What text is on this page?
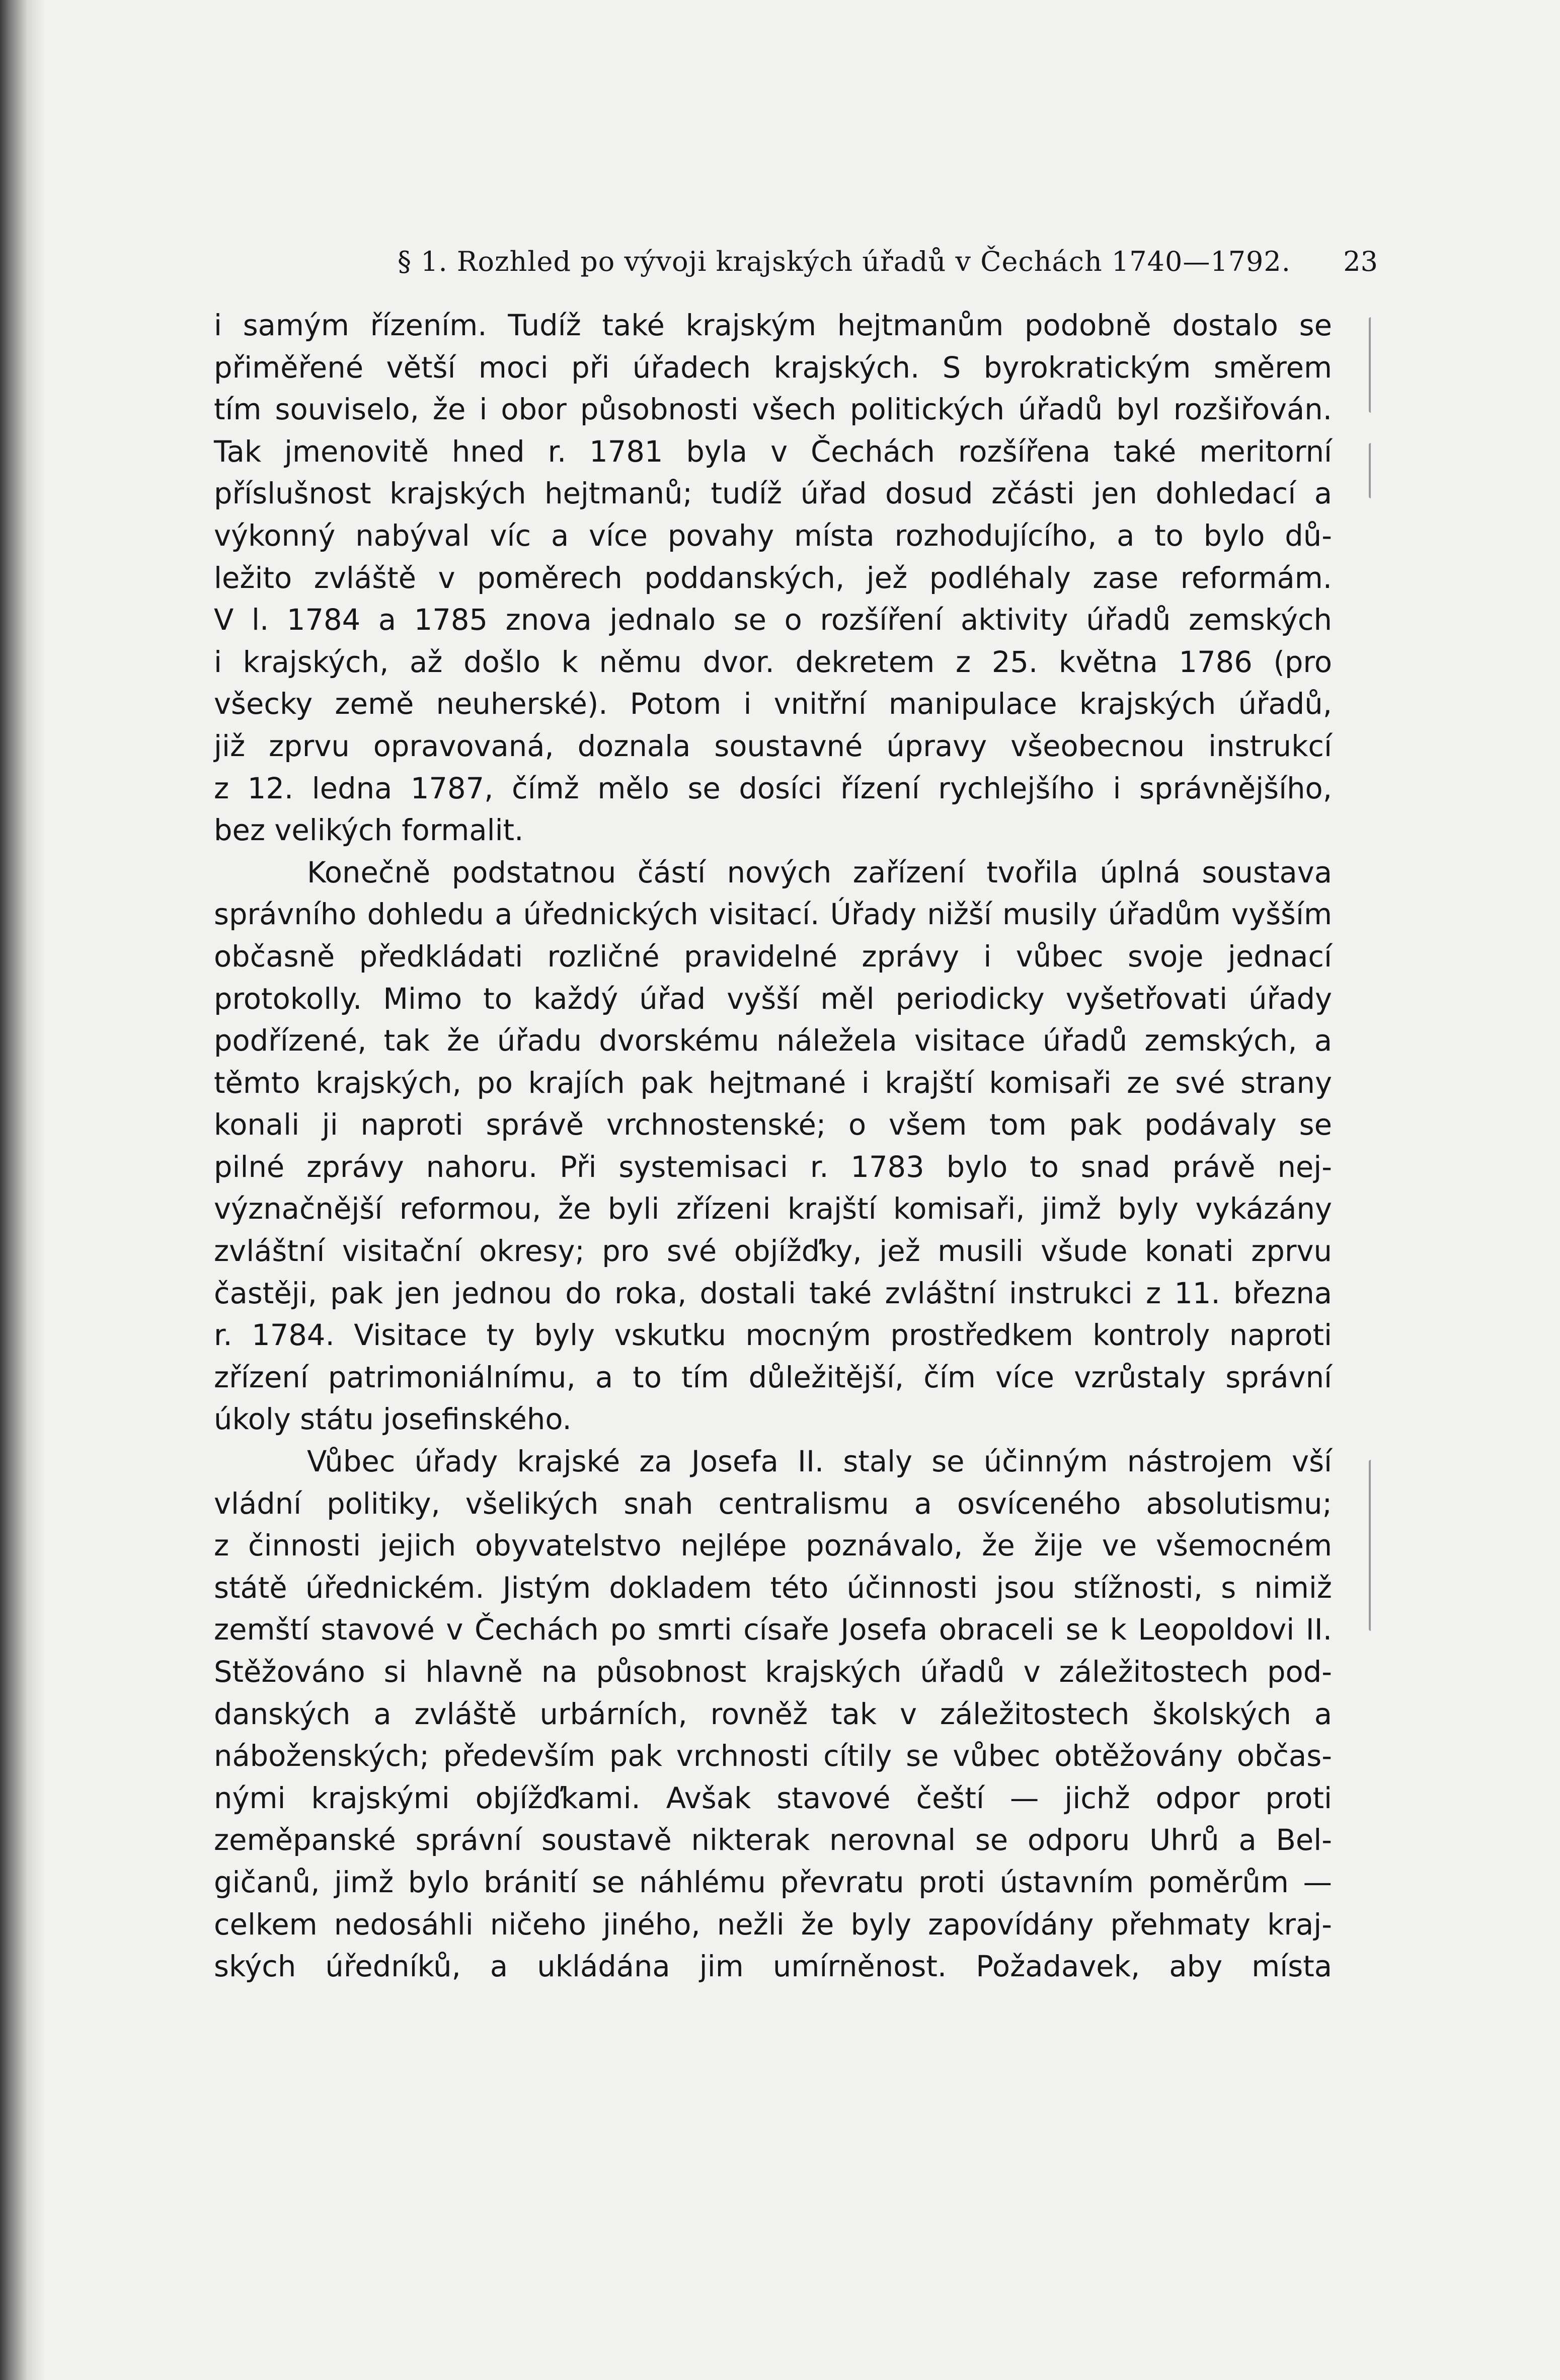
§ 1. Rozhled po vývoji krajských úřadů v Čechách 1740—1792. 23
i samým řízením. Tudíž také krajským hejtmanům podobně dostalo se
přiměřené větší moci při úřadech krajských. S byrokratickým směrem
tím souviselo, že i obor působnosti všech politických úřadů byl rozšiřován.
Tak jmenovitě hned r. 1781 byla v Čechách rozšířena také meritorní
příslušnost krajských hejtmanů; tudíž úřad dosud zčásti jen dohledací a
výkonný nabýval víc a více povahy místa rozhodujícího, a to bylo dů-
ležito zvláště v poměrech poddanských, jež podléhaly zase reformám.
V l. 1784 a 1785 znova jednalo se o rozšíření aktivity úřadů zemských
i krajských, až došlo k němu dvor. dekretem z 25. května 1786 (pro
všecky země neuherské). Potom i vnitřní manipulace krajských úřadů,
již zprvu opravovaná, doznala soustavné úpravy všeobecnou instrukcí
z 12. ledna 1787, čímž mělo se dosíci řízení rychlejšího i správnějšího,
bez velikých formalit.
Konečně podstatnou částí nových zařízení tvořila úplná soustava
správního dohledu a úřednických visitací. Úřady nižší musily úřadům vyšším
občasně předkládati rozličné pravidelné zprávy i vůbec svoje jednací
protokolly. Mimo to každý úřad vyšší měl periodicky vyšetřovati úřady
podřízené, tak že úřadu dvorskému náležela visitace úřadů zemských, a
těmto krajských, po krajích pak hejtmané i krajští komisaři ze své strany
konali ji naproti správě vrchnostenské; o všem tom pak podávaly se
pilné zprávy nahoru. Při systemisaci r. 1783 bylo to snad právě nej-
význačnější reformou, že byli zřízeni krajští komisaři, jimž byly vykázány
zvláštní visitační okresy; pro své objížďky, jež musili všude konati zprvu
častěji, pak jen jednou do roka, dostali také zvláštní instrukci z 11. března
r. 1784. Visitace ty byly vskutku mocným prostředkem kontroly naproti
zřízení patrimoniálnímu, a to tím důležitější, čím více vzrůstaly správní
úkoly státu josefinského.
Vůbec úřady krajské za Josefa II. staly se účinným nástrojem vší
vládní politiky, všelikých snah centralismu a osvíceného absolutismu;
z činnosti jejich obyvatelstvo nejlépe poznávalo, že žije ve všemocném
státě úřednickém. Jistým dokladem této účinnosti jsou stížnosti, s nimiž
zemští stavové v Čechách po smrti císaře Josefa obraceli se k Leopoldovi II.
Stěžováno si hlavně na působnost krajských úřadů v záležitostech pod-
danských a zvláště urbárních, rovněž tak v záležitostech školských a
náboženských; především pak vrchnosti cítily se vůbec obtěžovány občas-
nými krajskými objížďkami. Avšak stavové čeští — jichž odpor proti
zeměpanské správní soustavě nikterak nerovnal se odporu Uhrů a Bel-
gičanů, jimž bylo bránití se náhlému převratu proti ústavním poměrům —
celkem nedosáhli ničeho jiného, nežli že byly zapovídány přehmaty kraj-
ských úředníků, a ukládána jim umírněnost. Požadavek, aby místa
